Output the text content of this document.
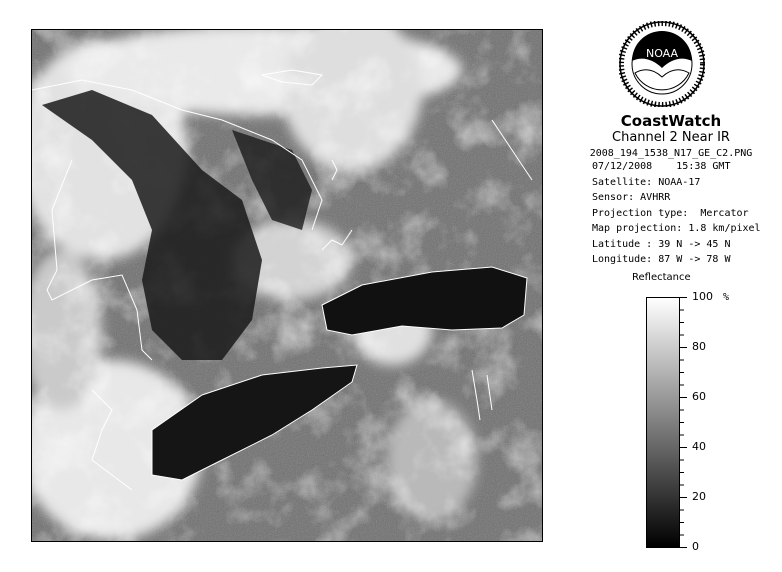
NOAA
CoastWatch
Channel 2 Near IR
2008_194_1538_N17_GE_C2.PNG
07/12/2008    15:38 GMT
Satellite: NOAA-17
Sensor: AVHRR
Projection type:  Mercator
Map projection: 1.8 km/pixel
Latitude : 39 N -> 45 N
Longitude: 87 W -> 78 W
Reflectance
%
100
80
60
40
20
0
